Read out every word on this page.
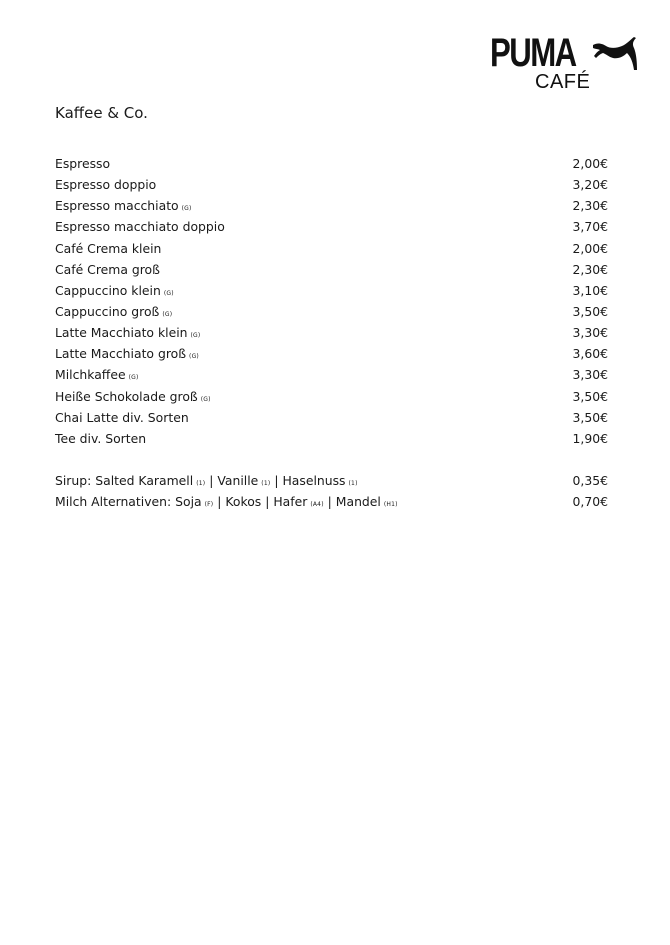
PUMA
CAFÉ
Kaffee & Co.
Espresso	2,00€
Espresso doppio	3,20€
Espresso macchiato (G)	2,30€
Espresso macchiato doppio	3,70€
Café Crema klein	2,00€
Café Crema groß	2,30€
Cappuccino klein (G)	3,10€
Cappuccino groß (G)	3,50€
Latte Macchiato klein (G)	3,30€
Latte Macchiato groß (G)	3,60€
Milchkaffee (G)	3,30€
Heiße Schokolade groß (G)	3,50€
Chai Latte div. Sorten	3,50€
Tee div. Sorten	1,90€
Sirup: Salted Karamell (1) | Vanille (1) | Haselnuss (1)	0,35€
Milch Alternativen: Soja (F) | Kokos | Hafer (A4) | Mandel (H1)	0,70€
